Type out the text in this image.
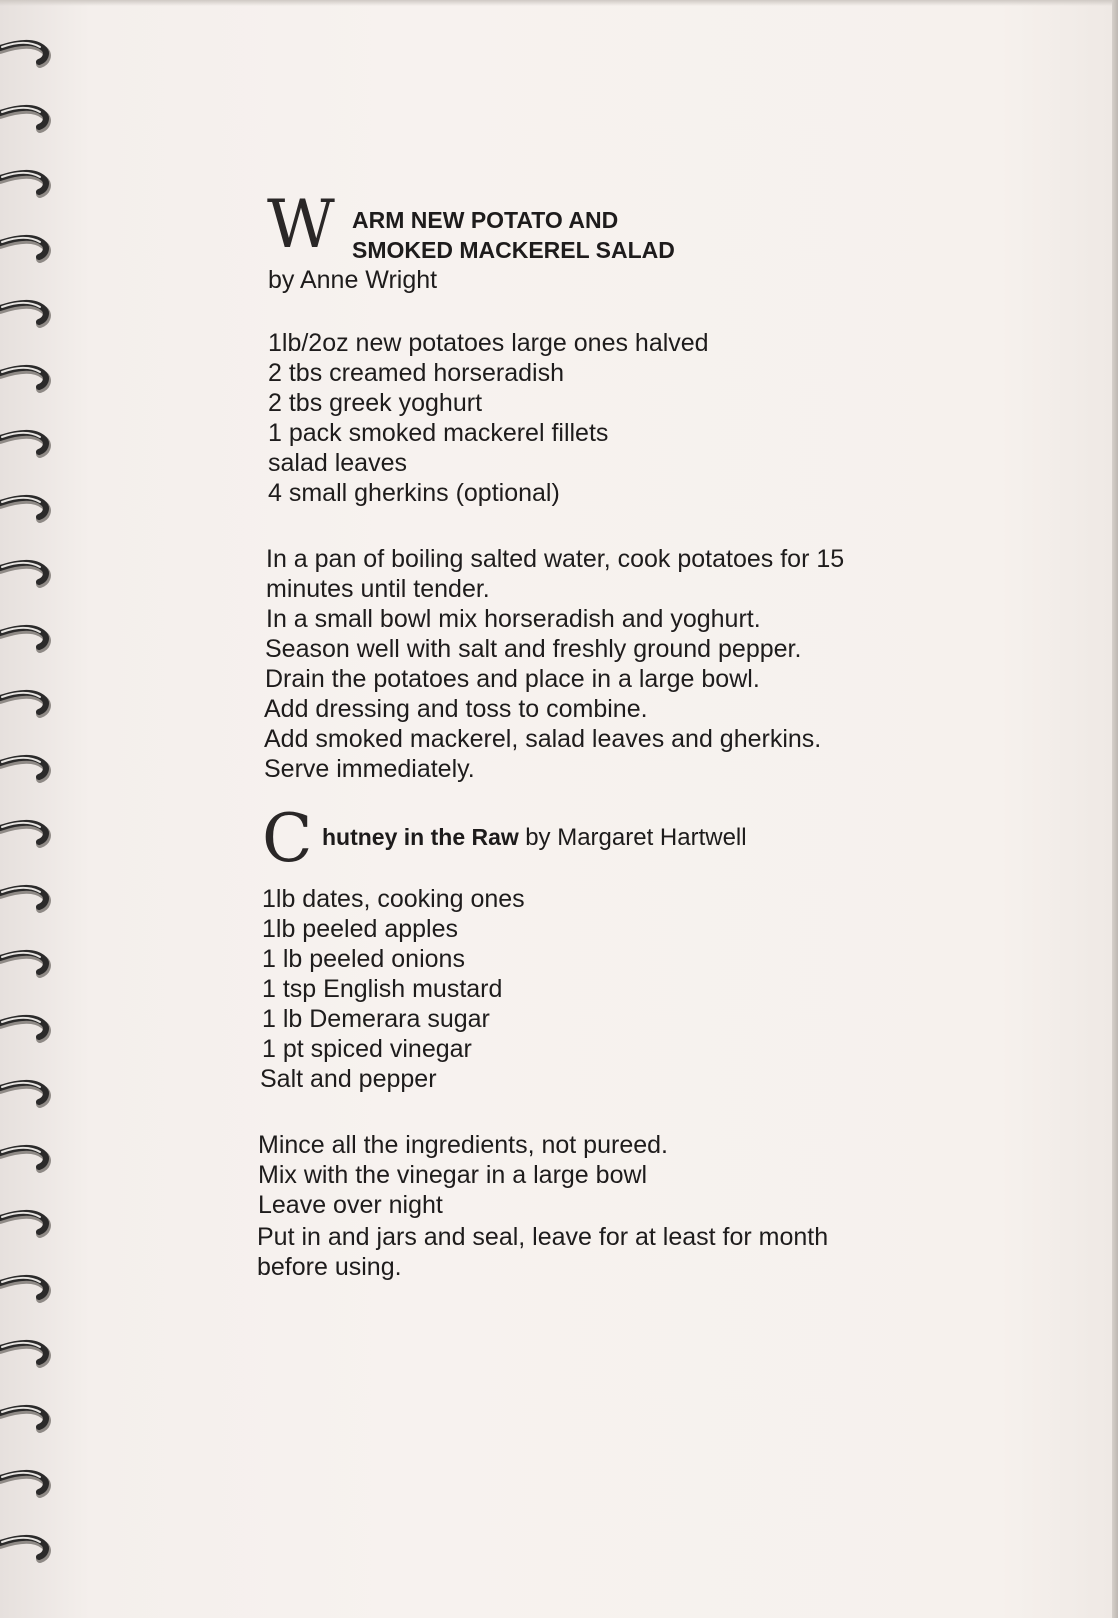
W ARM NEW POTATO AND
SMOKED MACKEREL SALAD
by Anne Wright
1lb/2oz new potatoes large ones halved
2 tbs creamed horseradish
2 tbs greek yoghurt
1 pack smoked mackerel fillets
salad leaves
4 small gherkins (optional)
In a pan of boiling salted water, cook potatoes for 15
minutes until tender.
In a small bowl mix horseradish and yoghurt.
Season well with salt and freshly ground pepper.
Drain the potatoes and place in a large bowl.
Add dressing and toss to combine.
Add smoked mackerel, salad leaves and gherkins.
Serve immediately.
C hutney in the Raw by Margaret Hartwell
1lb dates, cooking ones
1lb peeled apples
1 lb peeled onions
1 tsp English mustard
1 lb Demerara sugar
1 pt spiced vinegar
Salt and pepper
Mince all the ingredients, not pureed.
Mix with the vinegar in a large bowl
Leave over night
Put in and jars and seal, leave for at least for month
before using.
